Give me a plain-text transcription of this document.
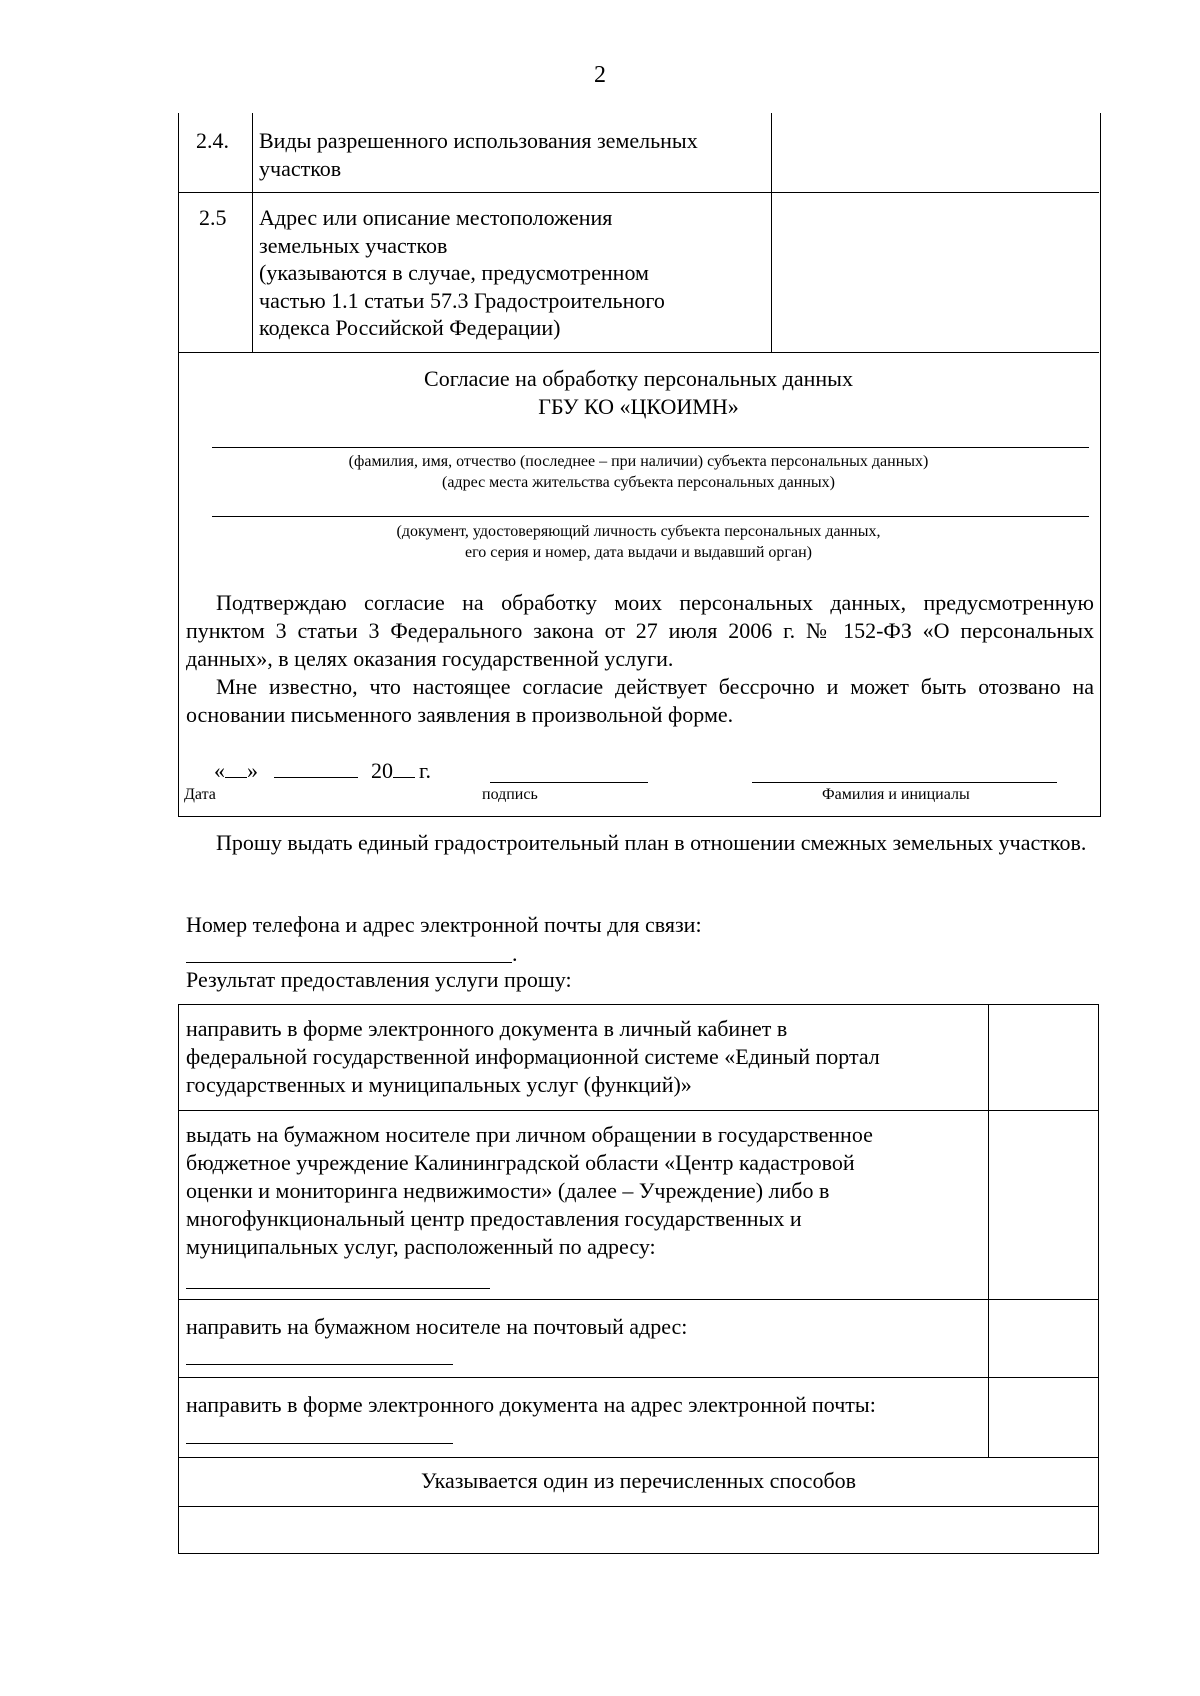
2
2.4. Виды разрешенного использования земельных
участков
2.5 Адрес или описание местоположения
земельных участков
(указываются в случае, предусмотренном
частью 1.1 статьи 57.3 Градостроительного
кодекса Российской Федерации)
Согласие на обработку персональных данных
ГБУ КО «ЦКОИМН»
(фамилия, имя, отчество (последнее – при наличии) субъекта персональных данных)
(адрес места жительства субъекта персональных данных)
(документ, удостоверяющий личность субъекта персональных данных,
его серия и номер, дата выдачи и выдавший орган)

Подтверждаю согласие на обработку моих персональных данных, предусмотренную пунктом 3 статьи 3 Федерального закона от 27 июля 2006 г. № 152-ФЗ «О персональных данных», в целях оказания государственной услуги.

Мне известно, что настоящее согласие действует бессрочно и может быть отозвано на основании письменного заявления в произвольной форме.

« »	20 г.
Дата	подпись	Фамилия и инициалы
Прошу выдать единый градостроительный план в отношении смежных земельных участков.
Номер телефона и адрес электронной почты для связи:
.
Результат предоставления услуги прошу:
направить в форме электронного документа в личный кабинет в
федеральной государственной информационной системе «Единый портал
государственных и муниципальных услуг (функций)»
выдать на бумажном носителе при личном обращении в государственное
бюджетное учреждение Калининградской области «Центр кадастровой
оценки и мониторинга недвижимости» (далее – Учреждение) либо в
многофункциональный центр предоставления государственных и
муниципальных услуг, расположенный по адресу:
направить на бумажном носителе на почтовый адрес:
направить в форме электронного документа на адрес электронной почты:
Указывается один из перечисленных способов
